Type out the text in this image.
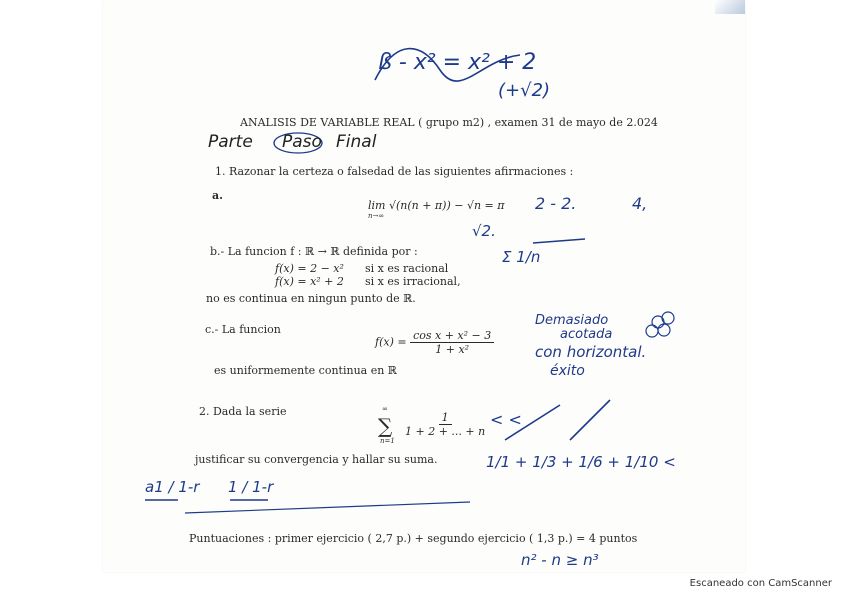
ß - x² = x² + 2
(+√2)
ANALISIS DE VARIABLE REAL ( grupo m2) , examen 31 de mayo de 2.024
Parte Paso Final
1. Razonar la certeza o falsedad de las siguientes afirmaciones :
a.
lim √(n(n + π)) − √n = π
n→∞
2 - 2.	4,
√2.
Σ 1/n
b.- La funcion f : ℝ → ℝ definida por :
f(x) = 2 − x² si x es racional
f(x) = x² + 2 si x es irracional,
no es continua en ningun punto de ℝ.
c.- La funcion
$f(x) = \frac{\text{cos x + x² − 3}}{\text{1 + x²}}$
es uniformemente continua en ℝ
Demasiado
acotada
con horizontal.
éxito
2. Dada la serie	∞
∑
n=1
$\frac{1}{1 + 2 + ... + n}$
justificar su convergencia y hallar su suma.
< <
1/1 + 1/3 + 1/6 + 1/10 <
a1 / 1-r 1 / 1-r
Puntuaciones : primer ejercicio ( 2,7 p.) + segundo ejercicio ( 1,3 p.) = 4 puntos
n² - n ≥ n³
Escaneado con CamScanner
